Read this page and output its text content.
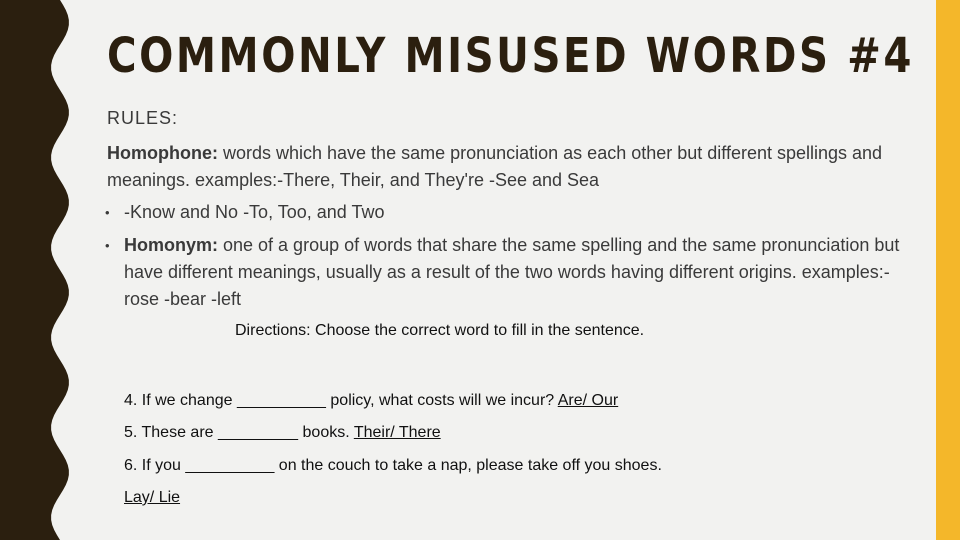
COMMONLY MISUSED WORDS #4
RULES:
Homophone: words which have the same pronunciation as each other but different spellings and meanings. examples:-There, Their, and They're -See and Sea
• -Know and No -To, Too, and Two
• Homonym: one of a group of words that share the same spelling and the same pronunciation but have different meanings, usually as a result of the two words having different origins. examples:-rose -bear -left
Directions: Choose the correct word to fill in the sentence.
4. If we change __________ policy, what costs will we incur? Are/ Our
5. These are _________ books. Their/ There
6. If you __________ on the couch to take a nap, please take off you shoes.
Lay/ Lie
